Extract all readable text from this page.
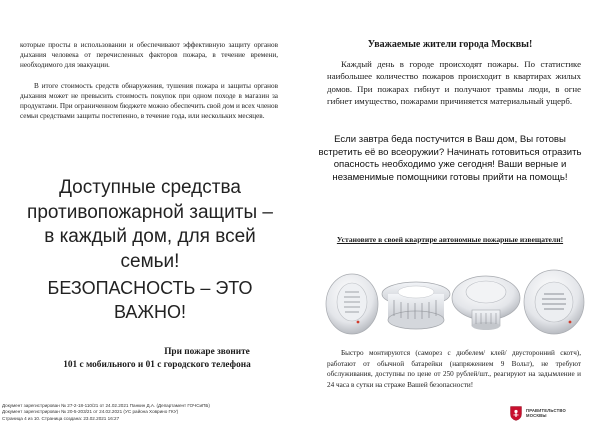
которые просты в использовании и обеспечивают эффективную защиту органов дыхания человека от перечисленных факторов пожара, в течение времени, необходимого для эвакуации.

В итоге стоимость средств обнаружения, тушения пожара и защиты органов дыхания может не превысить стоимость покупок при одном походе в магазин за продуктами. При ограниченном бюджете можно обеспечить свой дом и всех членов семьи средствами защиты постепенно, в течение года, или нескольких месяцев.

Доступные средства противопожарной защиты – в каждый дом, для всей семьи!

БЕЗОПАСНОСТЬ – ЭТО ВАЖНО!

При пожаре звоните
101 с мобильного и 01 с городского телефона

Уважаемые жители города Москвы!

Каждый день в городе происходят пожары. По статистике наибольшее количество пожаров происходит в квартирах жилых домов. При пожарах гибнут и получают травмы люди, в огне гибнет имущество, пожарами причиняется материальный ущерб.

Если завтра беда постучится в Ваш дом, Вы готовы встретить её во всеоружии? Начинать готовиться отразить опасность необходимо уже сегодня! Ваши верные и незаменимые помощники готовы прийти на помощь!

Установите в своей квартире автономные пожарные извещатели!

Быстро монтируются (саморез с дюбелем/ клей/ двусторонний скотч), работают от обычной батарейки (напряжением 9 Вольт), не требуют обслуживания, доступны по цене от 250 рублей/шт., реагируют на задымление и 24 часа в сутки на страже Вашей безопасности!

Документ зарегистрирован № 27-2-18-110/21 от 24.02.2021 Панкин Д.А. (Департамент ГОЧСиПБ)
Документ зарегистрирован № 20-5-203/21 от 24.02.2021 (УС района Ховрино ГКУ)
Страница 4 из 10. Страница создана: 23.02.2021 16:27
ПРАВИТЕЛЬСТВО
МОСКВЫ
